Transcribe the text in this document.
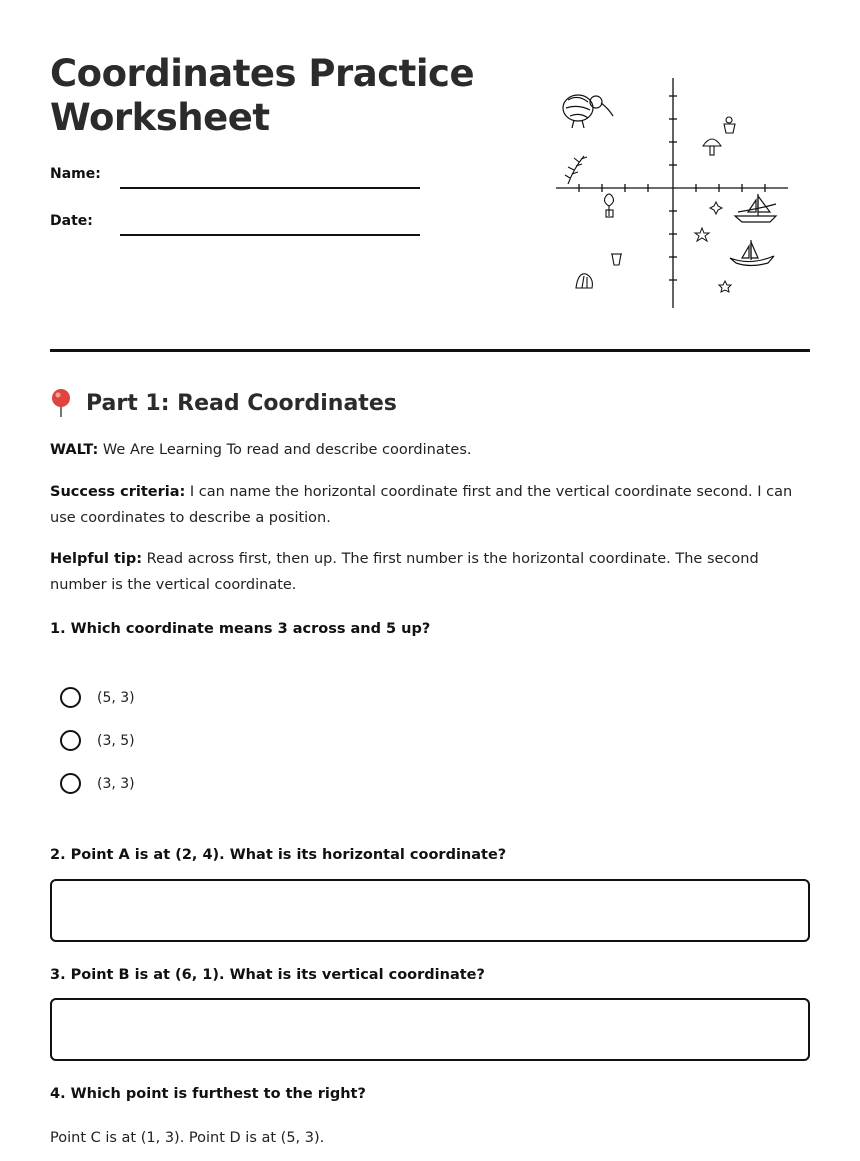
Coordinates Practice
Worksheet
Name:
Date:
Part 1: Read Coordinates

WALT: We Are Learning To read and describe coordinates.

Success criteria: I can name the horizontal coordinate first and the vertical coordinate second. I can use coordinates to describe a position.

Helpful tip: Read across first, then up. The first number is the horizontal coordinate. The second number is the vertical coordinate.

1. Which coordinate means 3 across and 5 up?

(5, 3)
(3, 5)
(3, 3)

2. Point A is at (2, 4). What is its horizontal coordinate?

3. Point B is at (6, 1). What is its vertical coordinate?

4. Which point is furthest to the right?

Point C is at (1, 3). Point D is at (5, 3).
